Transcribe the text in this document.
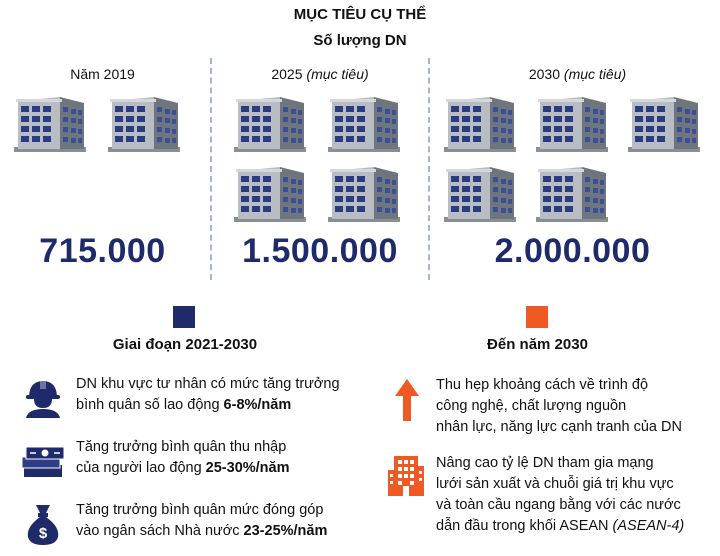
MỤC TIÊU CỤ THỂ
Số lượng DN
Năm 2019	2025 (mục tiêu)	2030 (mục tiêu)
715.000	1.500.000	2.000.000
Giai đoạn 2021-2030	Đến năm 2030
DN khu vực tư nhân có mức tăng trưởng
bình quân số lao động 6-8%/năm
Tăng trưởng bình quân thu nhập
của người lao động 25-30%/năm
$
Tăng trưởng bình quân mức đóng góp
vào ngân sách Nhà nước 23-25%/năm
Thu hẹp khoảng cách về trình độ
công nghệ, chất lượng nguồn
nhân lực, năng lực cạnh tranh của DN
Nâng cao tỷ lệ DN tham gia mạng
lưới sản xuất và chuỗi giá trị khu vực
và toàn cầu ngang bằng với các nước
dẫn đầu trong khối ASEAN (ASEAN-4)
